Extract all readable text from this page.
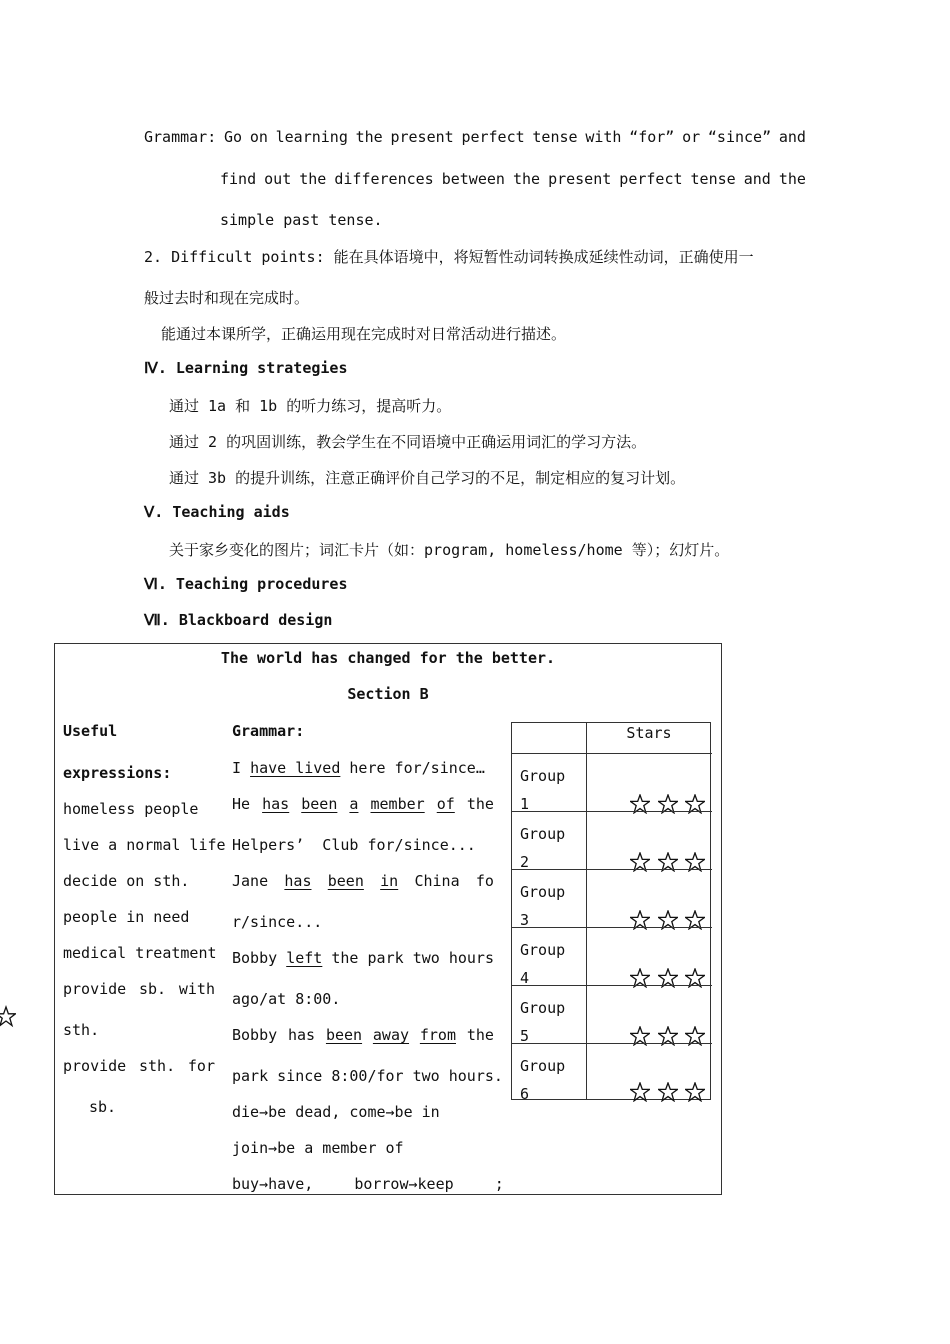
Grammar: Go on learning the present perfect tense with “for” or “since” and
find out the differences between the present perfect tense and the
simple past tense.
2. Difficult points: 能在具体语境中，将短暂性动词转换成延续性动词，正确使用一
般过去时和现在完成时。
能通过本课所学，正确运用现在完成时对日常活动进行描述。
Ⅳ. Learning strategies
通过 1a 和 1b 的听力练习，提高听力。
通过 2 的巩固训练，教会学生在不同语境中正确运用词汇的学习方法。
通过 3b 的提升训练，注意正确评价自己学习的不足，制定相应的复习计划。
Ⅴ. Teaching aids
关于家乡变化的图片；词汇卡片（如：program, homeless/home 等）；幻灯片。
Ⅵ. Teaching procedures
Ⅶ. Blackboard design
The world has changed for the better.
Section B
Useful
expressions:
homeless people
live a normal life
decide on sth.
people in need
medical treatment
provide sb. with
sth.
provide sth. for
sb.
Grammar:
I have lived here for/since…
He has been a member of the
Helpers’  Club for/since...
Jane has been in China fo
r/since...
Bobby left the park two hours
ago/at 8:00.
Bobby has been away from the
park since 8:00/for two hours.
die→be dead, come→be in
join→be a member of
buy→have,	borrow→keep	;
Stars
Group
1
Group
2
Group
3
Group
4
Group
5
Group
6
